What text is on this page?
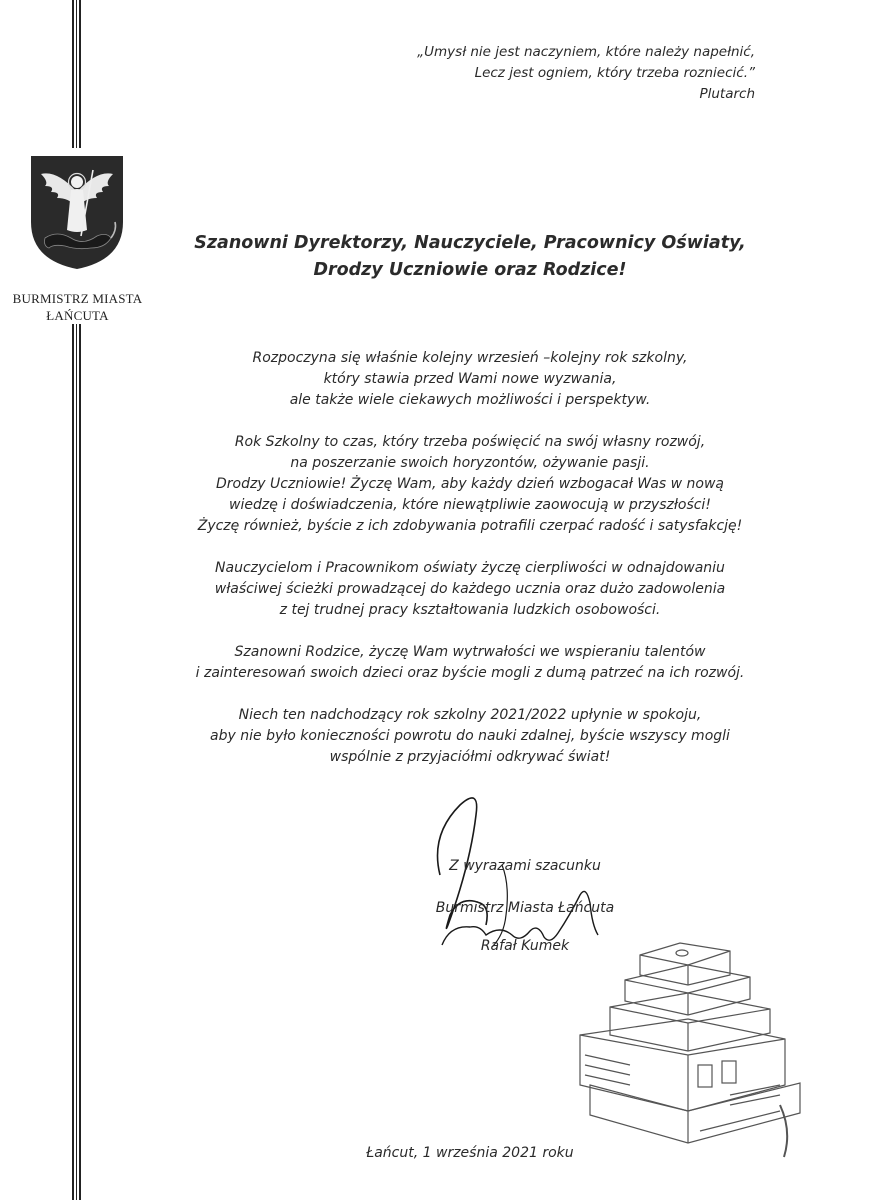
BURMISTRZ MIASTA
ŁAŃCUTA
„Umysł nie jest naczyniem, które należy napełnić,
Lecz jest ogniem, który trzeba rozniecić.”
Plutarch
Szanowni Dyrektorzy, Nauczyciele, Pracownicy Oświaty,
Drodzy Uczniowie oraz Rodzice!
Rozpoczyna się właśnie kolejny wrzesień –kolejny rok szkolny,
który stawia przed Wami nowe wyzwania,
ale także wiele ciekawych możliwości i perspektyw.
Rok Szkolny to czas, który trzeba poświęcić na swój własny rozwój,
na poszerzanie swoich horyzontów, ożywanie pasji.
Drodzy Uczniowie! Życzę Wam, aby każdy dzień wzbogacał Was w nową
wiedzę i doświadczenia, które niewątpliwie zaowocują w przyszłości!
Życzę również, byście z ich zdobywania potrafili czerpać radość i satysfakcję!
Nauczycielom i Pracownikom oświaty życzę cierpliwości w odnajdowaniu
właściwej ścieżki prowadzącej do każdego ucznia oraz dużo zadowolenia
z tej trudnej pracy kształtowania ludzkich osobowości.
Szanowni Rodzice, życzę Wam wytrwałości we wspieraniu talentów
i zainteresowań swoich dzieci oraz byście mogli z dumą patrzeć na ich rozwój.
Niech ten nadchodzący rok szkolny 2021/2022 upłynie w spokoju,
aby nie było konieczności powrotu do nauki zdalnej, byście wszyscy mogli
wspólnie z przyjaciółmi odkrywać świat!
Z wyrazami szacunku
Burmistrz Miasta Łańcuta
Rafał Kumek
Łańcut, 1 września 2021 roku
